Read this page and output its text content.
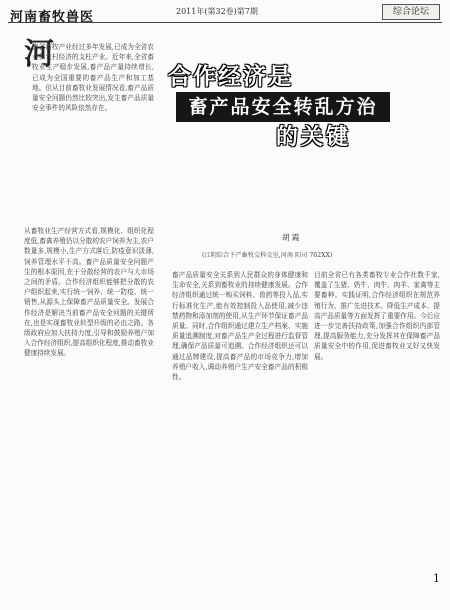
河南畜牧兽医	2011年(第32卷)第7期	综合论坛
河
南省畜牧产业经过多年发展,已成为全省农业和农村经济的支柱产业。近年来,全省畜牧业生产稳步发展,畜产品产量持续增长,已成为全国重要的畜产品生产和加工基地。但从目前畜牧业发展情况看,畜产品质量安全问题仍然比较突出,发生畜产品质量安全事件的风险依然存在。
从畜牧业生产经营方式看,规模化、组织化程度低,畜禽养殖仍以分散的农户饲养为主,农户数量多,规模小,生产方式落后,防疫意识淡薄,饲养管理水平不高。畜产品质量安全问题产生的根本原因,在于分散经营的农户与大市场之间的矛盾。合作经济组织能够把分散的农户组织起来,实行统一饲养、统一防疫、统一销售,从源头上保障畜产品质量安全。发展合作经济是解决当前畜产品安全问题的关键所在,也是实现畜牧业转型升级的必由之路。各级政府应加大扶持力度,引导和鼓励养殖户加入合作经济组织,提高组织化程度,推动畜牧业健康持续发展。
合作经济是
畜产品安全转乱方治
的关键
胡 霞
(江阴综合下产畜牧交科交室,河南 阳司 762XX)
畜产品质量安全关系到人民群众的身体健康和生命安全,关系到畜牧业的持续健康发展。合作经济组织通过统一购买饲料、兽药等投入品,实行标准化生产,能有效控制投入品使用,减少违禁药物和添加剂的使用,从生产环节保证畜产品质量。同时,合作组织通过建立生产档案、实施质量追溯制度,对畜产品生产全过程进行监督管理,确保产品质量可追溯。合作经济组织还可以通过品牌建设,提高畜产品的市场竞争力,增加养殖户收入,调动养殖户生产安全畜产品的积极性。
目前全省已有各类畜牧专业合作社数千家,覆盖了生猪、奶牛、肉牛、肉羊、家禽等主要畜种。实践证明,合作经济组织在规范养殖行为、推广先进技术、降低生产成本、提高产品质量等方面发挥了重要作用。今后应进一步完善扶持政策,加强合作组织内部管理,提高服务能力,充分发挥其在保障畜产品质量安全中的作用,促进畜牧业又好又快发展。
1
